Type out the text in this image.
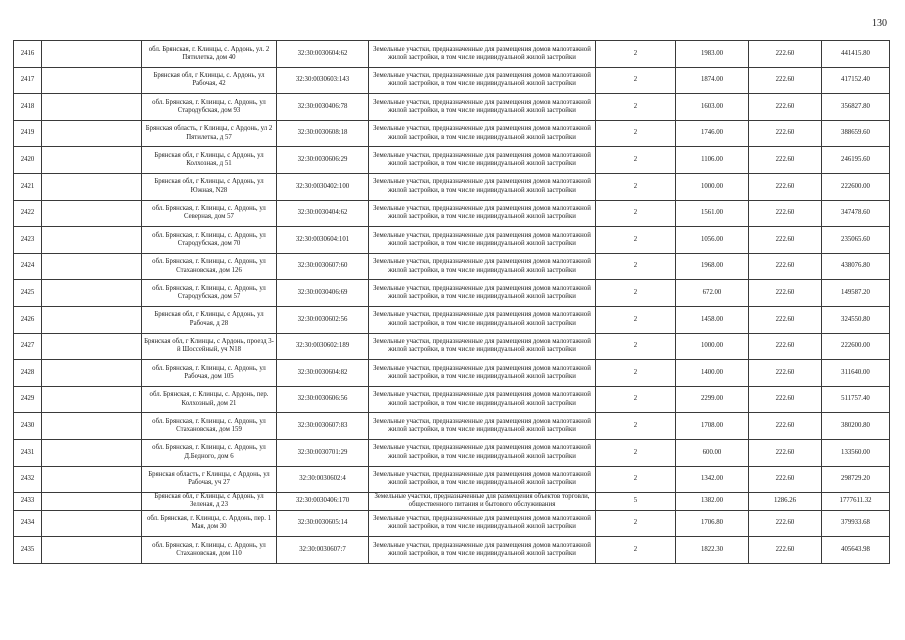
130
2416		обл. Брянская, г. Клинцы, с. Ардонь, ул. 2 Пятилетка, дом 40	32:30:0030604:62	Земельные участки, предназначенные для размещения домов малоэтажной жилой застройки, в том числе индивидуальной жилой застройки	2	1983.00	222.60	441415.80
2417		Брянская обл, г Клинцы, с. Ардонь, ул Рабочая, 42	32:30:0030603:143	Земельные участки, предназначенные для размещения домов малоэтажной жилой застройки, в том числе индивидуальной жилой застройки	2	1874.00	222.60	417152.40
2418		обл. Брянская, г. Клинцы, с. Ардонь, ул Стародубская, дом 93	32:30:0030406:78	Земельные участки, предназначенные для размещения домов малоэтажной жилой застройки, в том числе индивидуальной жилой застройки	2	1603.00	222.60	356827.80
2419		Брянская область, г Клинцы, с Ардонь, ул 2 Пятилетка, д 57	32:30:0030608:18	Земельные участки, предназначенные для размещения домов малоэтажной жилой застройки, в том числе индивидуальной жилой застройки	2	1746.00	222.60	388659.60
2420		Брянская обл, г Клинцы, с Ардонь, ул Колхозная, д 51	32:30:0030606:29	Земельные участки, предназначенные для размещения домов малоэтажной жилой застройки, в том числе индивидуальной жилой застройки	2	1106.00	222.60	246195.60
2421		Брянская обл, г Клинцы, с Ардонь, ул Южная, N28	32:30:0030402:100	Земельные участки, предназначенные для размещения домов малоэтажной жилой застройки, в том числе индивидуальной жилой застройки	2	1000.00	222.60	222600.00
2422		обл. Брянская, г. Клинцы, с. Ардонь, ул Северная, дом 57	32:30:0030404:62	Земельные участки, предназначенные для размещения домов малоэтажной жилой застройки, в том числе индивидуальной жилой застройки	2	1561.00	222.60	347478.60
2423		обл. Брянская, г. Клинцы, с. Ардонь, ул Стародубская, дом 70	32:30:0030604:101	Земельные участки, предназначенные для размещения домов малоэтажной жилой застройки, в том числе индивидуальной жилой застройки	2	1056.00	222.60	235065.60
2424		обл. Брянская, г. Клинцы, с. Ардонь, ул Стахановская, дом 126	32:30:0030607:60	Земельные участки, предназначенные для размещения домов малоэтажной жилой застройки, в том числе индивидуальной жилой застройки	2	1968.00	222.60	438076.80
2425		обл. Брянская, г. Клинцы, с. Ардонь, ул Стародубская, дом 57	32:30:0030406:69	Земельные участки, предназначенные для размещения домов малоэтажной жилой застройки, в том числе индивидуальной жилой застройки	2	672.00	222.60	149587.20
2426		Брянская обл, г Клинцы, с Ардонь, ул Рабочая, д 28	32:30:0030602:56	Земельные участки, предназначенные для размещения домов малоэтажной жилой застройки, в том числе индивидуальной жилой застройки	2	1458.00	222.60	324550.80
2427		Брянская обл, г Клинцы, с Ардонь, проезд 3-й Шоссейный, уч N18	32:30:0030602:189	Земельные участки, предназначенные для размещения домов малоэтажной жилой застройки, в том числе индивидуальной жилой застройки	2	1000.00	222.60	222600.00
2428		обл. Брянская, г. Клинцы, с. Ардонь, ул Рабочая, дом 105	32:30:0030604:82	Земельные участки, предназначенные для размещения домов малоэтажной жилой застройки, в том числе индивидуальной жилой застройки	2	1400.00	222.60	311640.00
2429		обл. Брянская, г. Клинцы, с. Ардонь, пер. Колхозный, дом 21	32:30:0030606:56	Земельные участки, предназначенные для размещения домов малоэтажной жилой застройки, в том числе индивидуальной жилой застройки	2	2299.00	222.60	511757.40
2430		обл. Брянская, г. Клинцы, с. Ардонь, ул Стахановская, дом 159	32:30:0030607:83	Земельные участки, предназначенные для размещения домов малоэтажной жилой застройки, в том числе индивидуальной жилой застройки	2	1708.00	222.60	380200.80
2431		обл. Брянская, г. Клинцы, с. Ардонь, ул Д.Бедного, дом 6	32:30:0030701:29	Земельные участки, предназначенные для размещения домов малоэтажной жилой застройки, в том числе индивидуальной жилой застройки	2	600.00	222.60	133560.00
2432		Брянская область, г Клинцы, с Ардонь, ул Рабочая, уч 27	32:30:0030602:4	Земельные участки, предназначенные для размещения домов малоэтажной жилой застройки, в том числе индивидуальной жилой застройки	2	1342.00	222.60	298729.20
2433		Брянская обл, г Клинцы, с Ардонь, ул Зеленая, д 23	32:30:0030406:170	Земельные участки, предназначенные для размещения объектов торговли, общественного питания и бытового обслуживания	5	1382.00	1286.26	1777611.32
2434		обл. Брянская, г. Клинцы, с. Ардонь, пер. 1 Мая, дом 30	32:30:0030605:14	Земельные участки, предназначенные для размещения домов малоэтажной жилой застройки, в том числе индивидуальной жилой застройки	2	1706.80	222.60	379933.68
2435		обл. Брянская, г. Клинцы, с. Ардонь, ул Стахановская, дом 110	32:30:0030607:7	Земельные участки, предназначенные для размещения домов малоэтажной жилой застройки, в том числе индивидуальной жилой застройки	2	1822.30	222.60	405643.98
